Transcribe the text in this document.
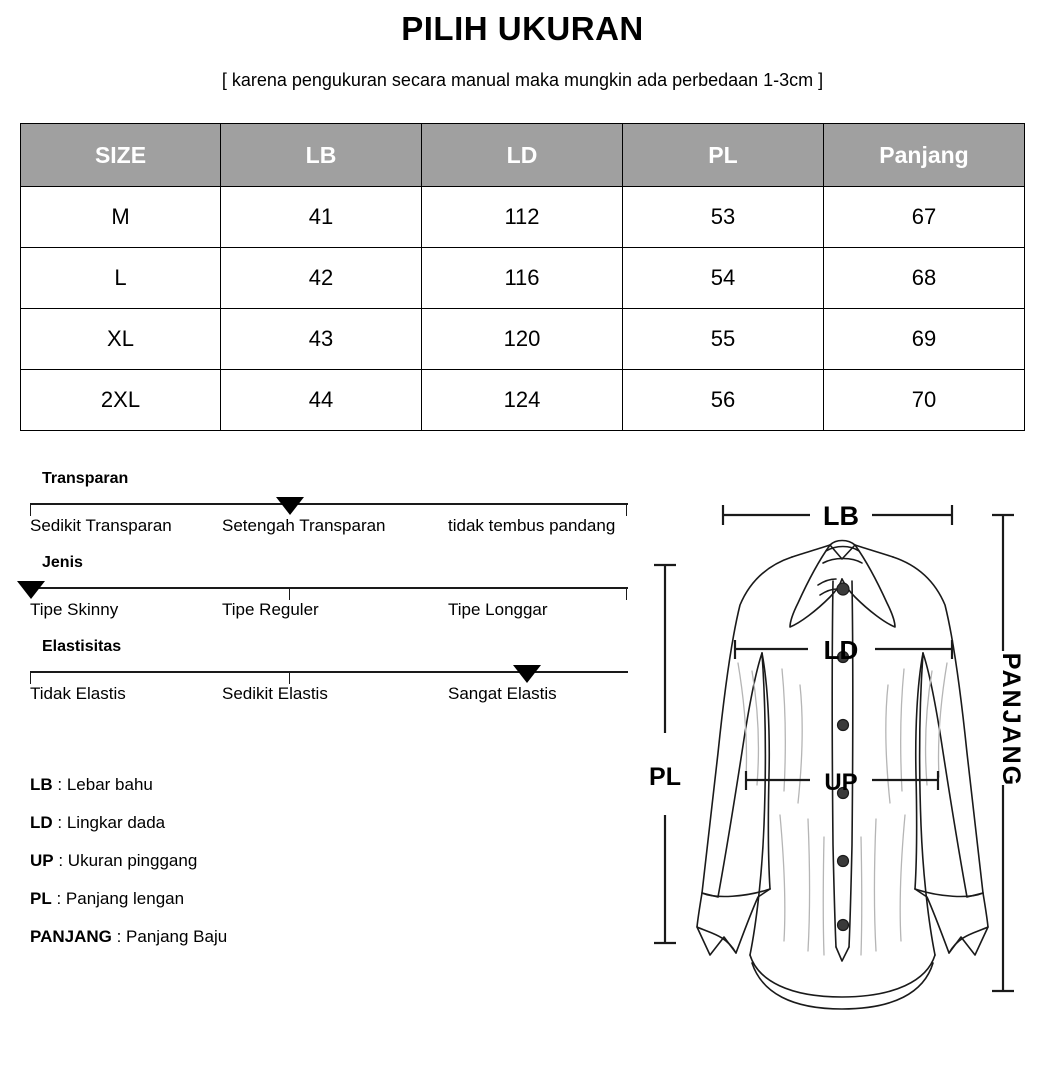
PILIH UKURAN
[ karena pengukuran secara manual maka mungkin ada perbedaan 1-3cm ]
SIZE	LB	LD	PL	Panjang
M	41	112	53	67
L	42	116	54	68
XL	43	120	55	69
2XL	44	124	56	70
Transparan
Sedikit Transparan	Setengah Transparan	tidak tembus pandang
Jenis
Tipe Skinny	Tipe Reguler	Tipe Longgar
Elastisitas
Tidak Elastis	Sedikit Elastis	Sangat Elastis
LB : Lebar bahu
LD : Lingkar dada
UP : Ukuran pinggang
PL : Panjang lengan
PANJANG : Panjang Baju
LB
LD
UP
PL	PANJANG
